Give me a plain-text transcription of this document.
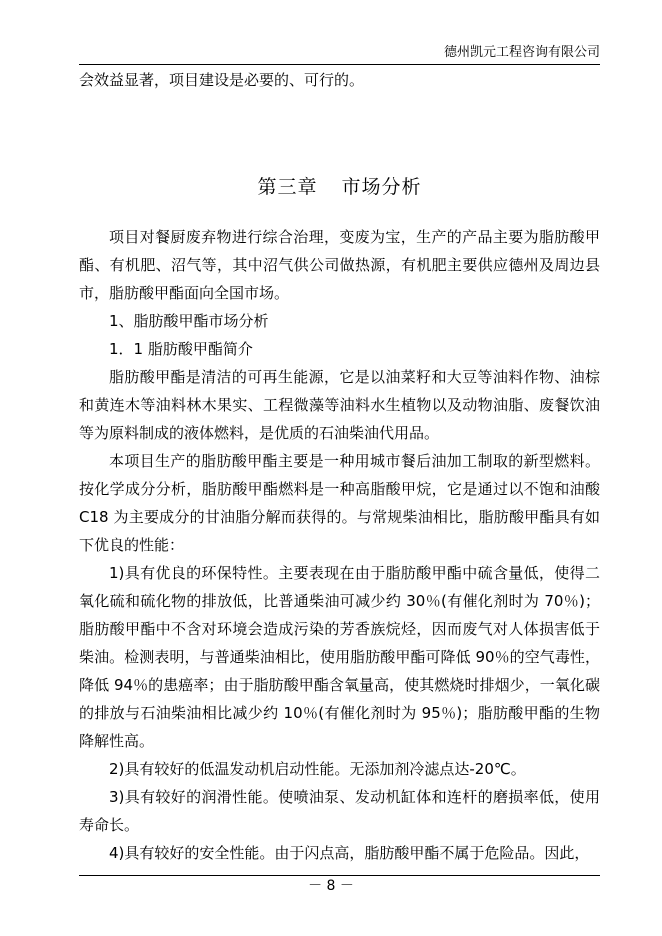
德州凯元工程咨询有限公司

会效益显著，项目建设是必要的、可行的。

第三章 市场分析

项目对餐厨废弃物进行综合治理，变废为宝，生产的产品主要为脂肪酸甲酯、有机肥、沼气等，其中沼气供公司做热源，有机肥主要供应德州及周边县市，脂肪酸甲酯面向全国市场。

1、脂肪酸甲酯市场分析

1．1 脂肪酸甲酯简介

脂肪酸甲酯是清洁的可再生能源，它是以油菜籽和大豆等油料作物、油棕和黄连木等油料林木果实、工程微藻等油料水生植物以及动物油脂、废餐饮油等为原料制成的液体燃料，是优质的石油柴油代用品。

本项目生产的脂肪酸甲酯主要是一种用城市餐后油加工制取的新型燃料。按化学成分分析，脂肪酸甲酯燃料是一种高脂酸甲烷，它是通过以不饱和油酸 C18 为主要成分的甘油脂分解而获得的。与常规柴油相比，脂肪酸甲酯具有如下优良的性能：

1)具有优良的环保特性。主要表现在由于脂肪酸甲酯中硫含量低，使得二氧化硫和硫化物的排放低，比普通柴油可减少约 30％(有催化剂时为 70％)；脂肪酸甲酯中不含对环境会造成污染的芳香族烷烃，因而废气对人体损害低于柴油。检测表明，与普通柴油相比，使用脂肪酸甲酯可降低 90％的空气毒性，降低 94％的患癌率；由于脂肪酸甲酯含氧量高，使其燃烧时排烟少，一氧化碳的排放与石油柴油相比减少约 10％(有催化剂时为 95％)；脂肪酸甲酯的生物降解性高。

2)具有较好的低温发动机启动性能。无添加剂冷滤点达-20℃。

3)具有较好的润滑性能。使喷油泵、发动机缸体和连杆的磨损率低，使用寿命长。

4)具有较好的安全性能。由于闪点高，脂肪酸甲酯不属于危险品。因此，

－ 8 －
